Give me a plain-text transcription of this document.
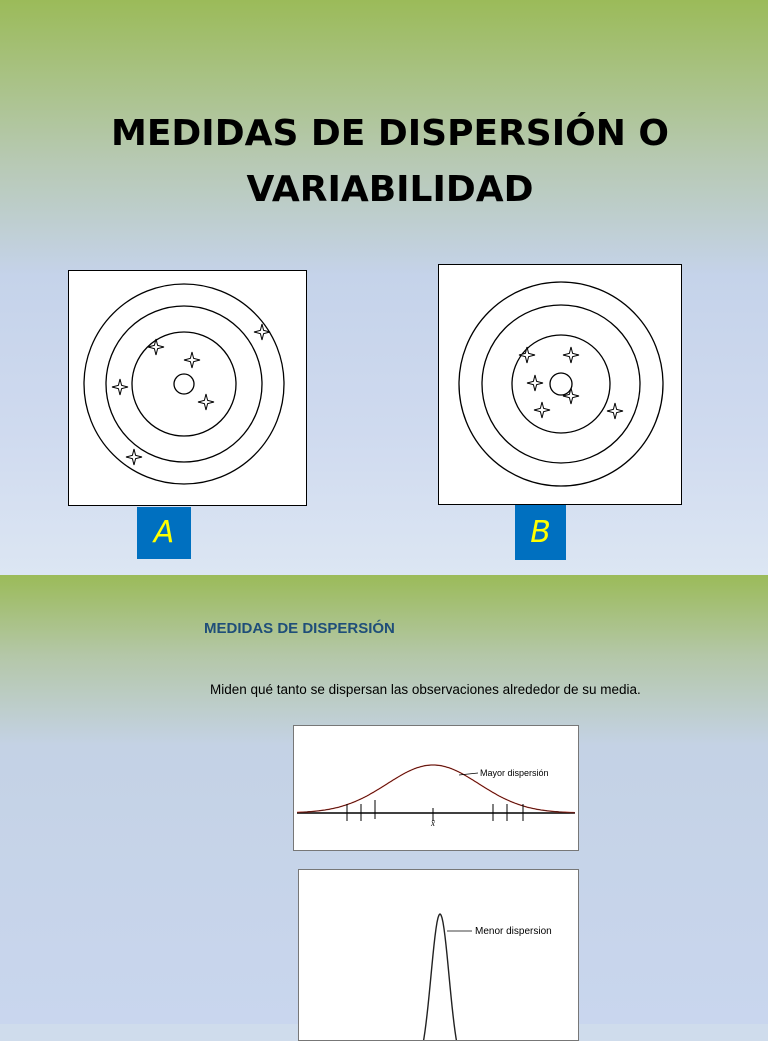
MEDIDAS DE DISPERSIÓN O VARIABILIDAD
A	B

MEDIDAS DE DISPERSIÓN

Miden qué tanto se dispersan las observaciones alrededor de su media.

Mayor dispersión
x̄
Menor dispersion
